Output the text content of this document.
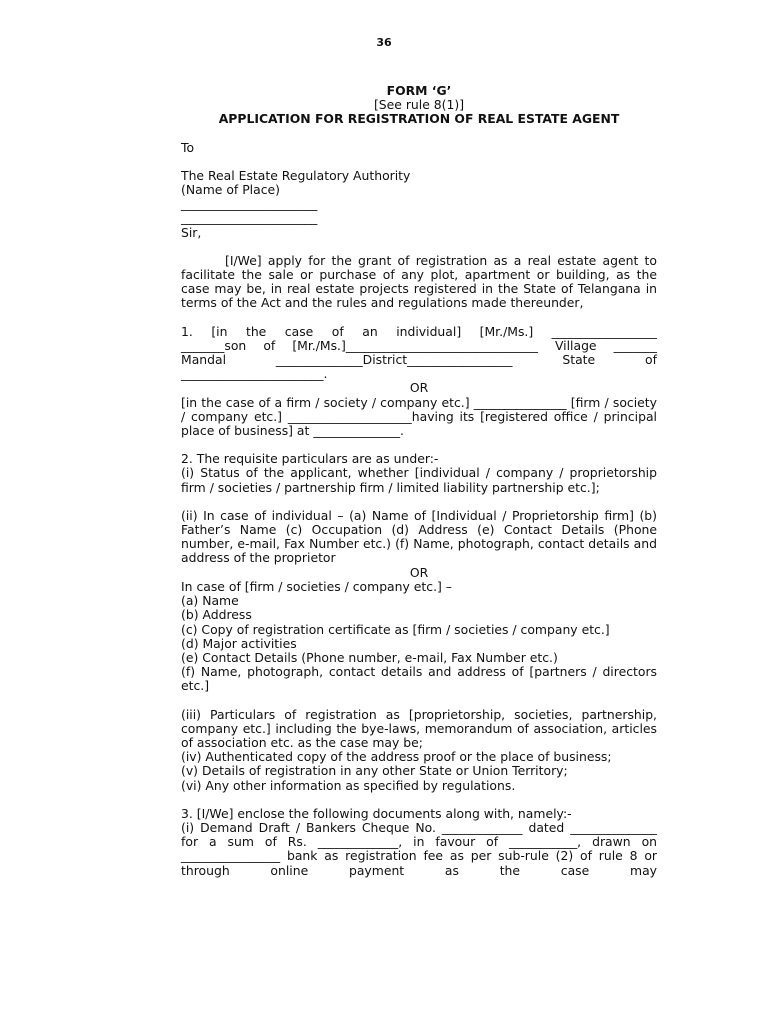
36

FORM ‘G’

[See rule 8(1)]

APPLICATION FOR REGISTRATION OF REAL ESTATE AGENT

To

The Real Estate Regulatory Authority

(Name of Place)

______________________

______________________

Sir,

[I/We] apply for the grant of registration as a real estate agent to facilitate the sale or purchase of any plot, apartment or building, as the case may be, in real estate projects registered in the State of Telangana in terms of the Act and the rules and regulations made thereunder,

1. [in the case of an individual] [Mr./Ms.] _________________

_______son of [Mr./Ms.]_______________________________ Village _______

Mandal ______________District_________________ State of

_______________________.

OR

[in the case of a firm / society / company etc.] _______________ [firm / society / company etc.] ____________________having its [registered office / principal place of business] at ______________.

2. The requisite particulars are as under:-

(i) Status of the applicant, whether [individual / company / proprietorship firm / societies / partnership firm / limited liability partnership etc.];

(ii) In case of individual – (a) Name of [Individual / Proprietorship firm] (b) Father’s Name (c) Occupation (d) Address (e) Contact Details (Phone number, e-mail, Fax Number etc.) (f) Name, photograph, contact details and address of the proprietor

OR

In case of [firm / societies / company etc.] –

(a) Name

(b) Address

(c) Copy of registration certificate as [firm / societies / company etc.]

(d) Major activities

(e) Contact Details (Phone number, e-mail, Fax Number etc.)

(f) Name, photograph, contact details and address of [partners / directors etc.]

(iii) Particulars of registration as [proprietorship, societies, partnership, company etc.] including the bye-laws, memorandum of association, articles of association etc. as the case may be;

(iv) Authenticated copy of the address proof or the place of business;

(v) Details of registration in any other State or Union Territory;

(vi) Any other information as specified by regulations.

3. [I/We] enclose the following documents along with, namely:-

(i) Demand Draft / Bankers Cheque No. _____________ dated ______________ for a sum of Rs. _____________, in favour of ___________, drawn on ________________ bank as registration fee as per sub-rule (2) of rule 8 or through online payment as the case may
